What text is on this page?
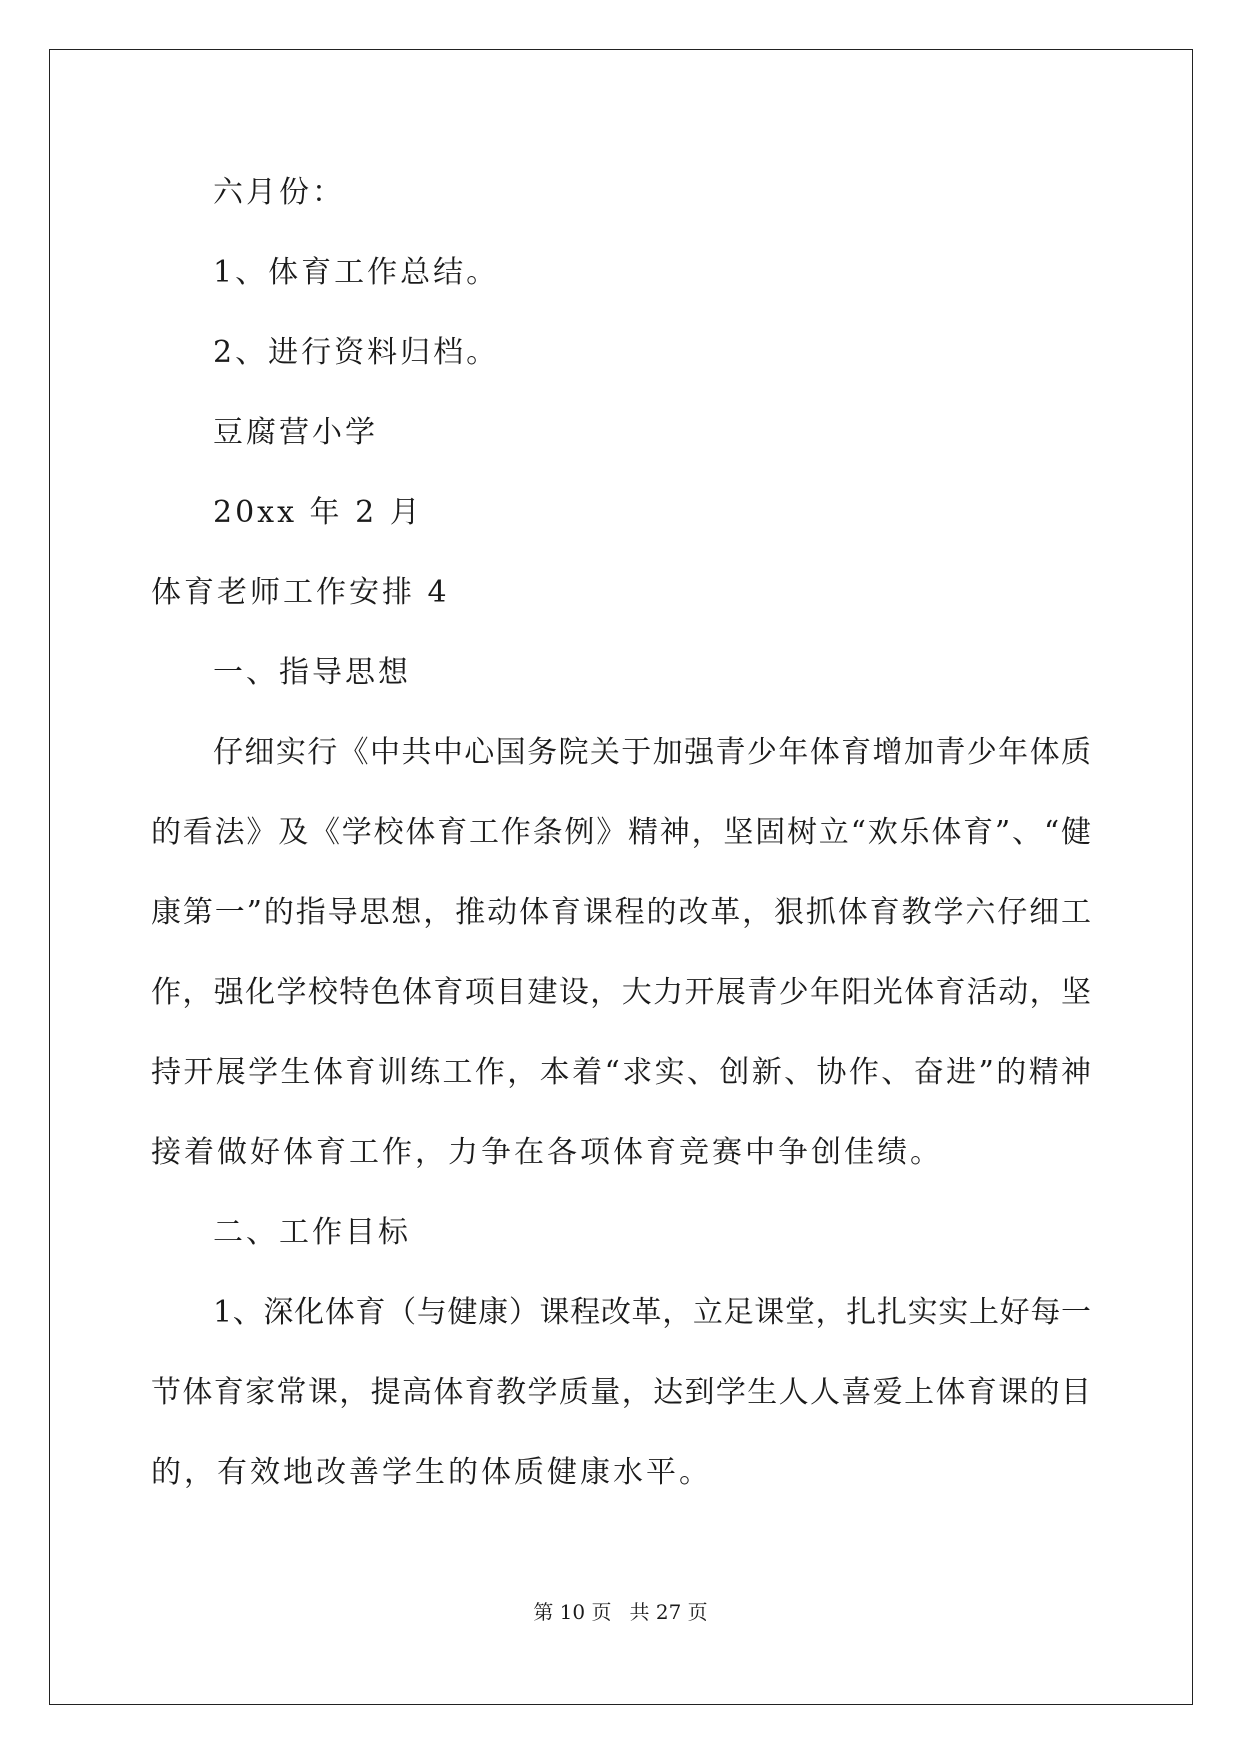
六月份：
1、体育工作总结。
2、进行资料归档。
豆腐营小学
20xx 年 2 月
体育老师工作安排 4
一、指导思想
仔细实行《中共中心国务院关于加强青少年体育增加青少年体质
的看法》及《学校体育工作条例》精神，坚固树立“欢乐体育”、“健
康第一”的指导思想，推动体育课程的改革，狠抓体育教学六仔细工
作，强化学校特色体育项目建设，大力开展青少年阳光体育活动，坚
持开展学生体育训练工作，本着“求实、创新、协作、奋进”的精神
接着做好体育工作，力争在各项体育竞赛中争创佳绩。
二、工作目标
1、深化体育（与健康）课程改革，立足课堂，扎扎实实上好每一
节体育家常课，提高体育教学质量，达到学生人人喜爱上体育课的目
的，有效地改善学生的体质健康水平。
第 10 页 共 27 页
